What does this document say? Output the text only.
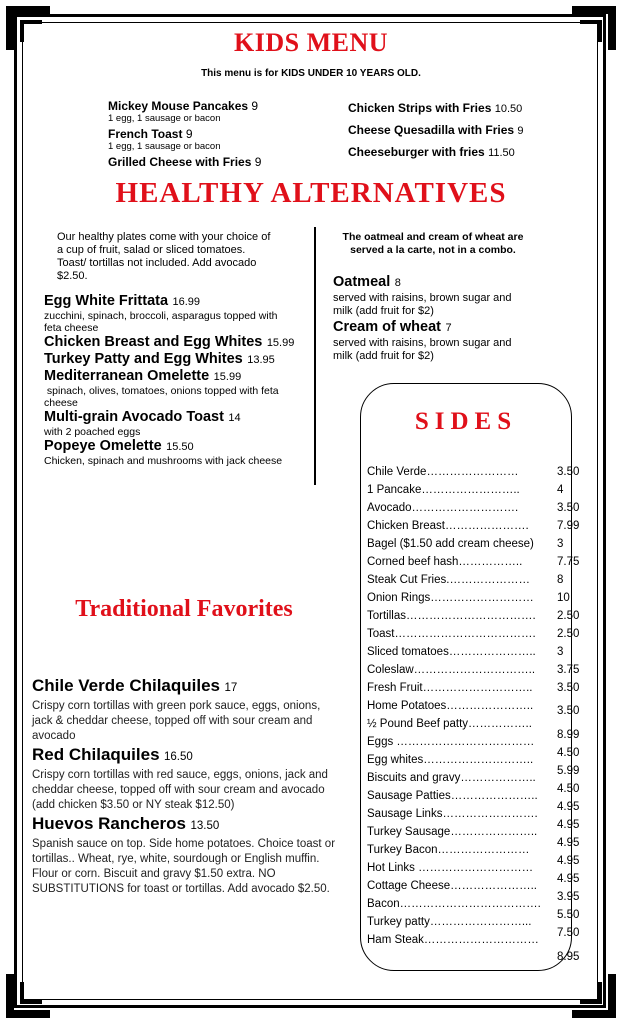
KIDS MENU
This menu is for KIDS UNDER 10 YEARS OLD.
Mickey Mouse Pancakes 9
1 egg, 1 sausage or bacon
French Toast 9
1 egg, 1 sausage or bacon
Grilled Cheese with Fries 9
Chicken Strips with Fries 10.50
Cheese Quesadilla with Fries 9
Cheeseburger with fries 11.50
HEALTHY ALTERNATIVES
Our healthy plates come with your choice of
a cup of fruit, salad or sliced tomatoes.
Toast/ tortillas not included. Add avocado
$2.50.
Egg White Frittata 16.99
zucchini, spinach, broccoli, asparagus topped with
feta cheese
Chicken Breast and Egg Whites 15.99
Turkey Patty and Egg Whites 13.95
Mediterranean Omelette 15.99
spinach, olives, tomatoes, onions topped with feta
cheese
Multi-grain Avocado Toast 14
with 2 poached eggs
Popeye Omelette 15.50
Chicken, spinach and mushrooms with jack cheese
The oatmeal and cream of wheat are
served a la carte, not in a combo.
Oatmeal 8
served with raisins, brown sugar and
milk (add fruit for $2)
Cream of wheat 7
served with raisins, brown sugar and
milk (add fruit for $2)
SIDES
Chile Verde……………………
1 Pancake……………………..
Avocado……………………….
Chicken Breast………………….
Bagel ($1.50 add cream cheese)
Corned beef hash……………..
Steak Cut Fries.…………………
Onion Rings………………………
Tortillas…………………………….
Toast……………………………….
Sliced tomatoes…………………..
Coleslaw…………………………..
Fresh Fruit………………………..
Home Potatoes…………………..
½ Pound Beef patty……………..
Eggs ………………………………
Egg whites………………………..
Biscuits and gravy………………..
Sausage Patties…………………..
Sausage Links…………………….
Turkey Sausage…………………..
Turkey Bacon……………………
Hot Links …………………………
Cottage Cheese…………………..
Bacon……………………………….
Turkey patty……………………...
Ham Steak…………………………
3.50
4
3.50
7.99
3
7.75
8
10
2.50
2.50
3
3.75
3.50
3.50
8.99
4.50
5.99
4.50
4.95
4.95
4.95
4.95
4.95
3.95
5.50
7.50
8.95
Traditional Favorites
Chile Verde Chilaquiles 17
Crispy corn tortillas with green pork sauce, eggs, onions,
jack & cheddar cheese, topped off with sour cream and
avocado
Red Chilaquiles 16.50
Crispy corn tortillas with red sauce, eggs, onions, jack and
cheddar cheese, topped off with sour cream and avocado
(add chicken $3.50 or NY steak $12.50)
Huevos Rancheros 13.50
Spanish sauce on top. Side home potatoes. Choice toast or
tortillas.. Wheat, rye, white, sourdough or English muffin.
Flour or corn. Biscuit and gravy $1.50 extra. NO
SUBSTITUTIONS for toast or tortillas. Add avocado $2.50.
